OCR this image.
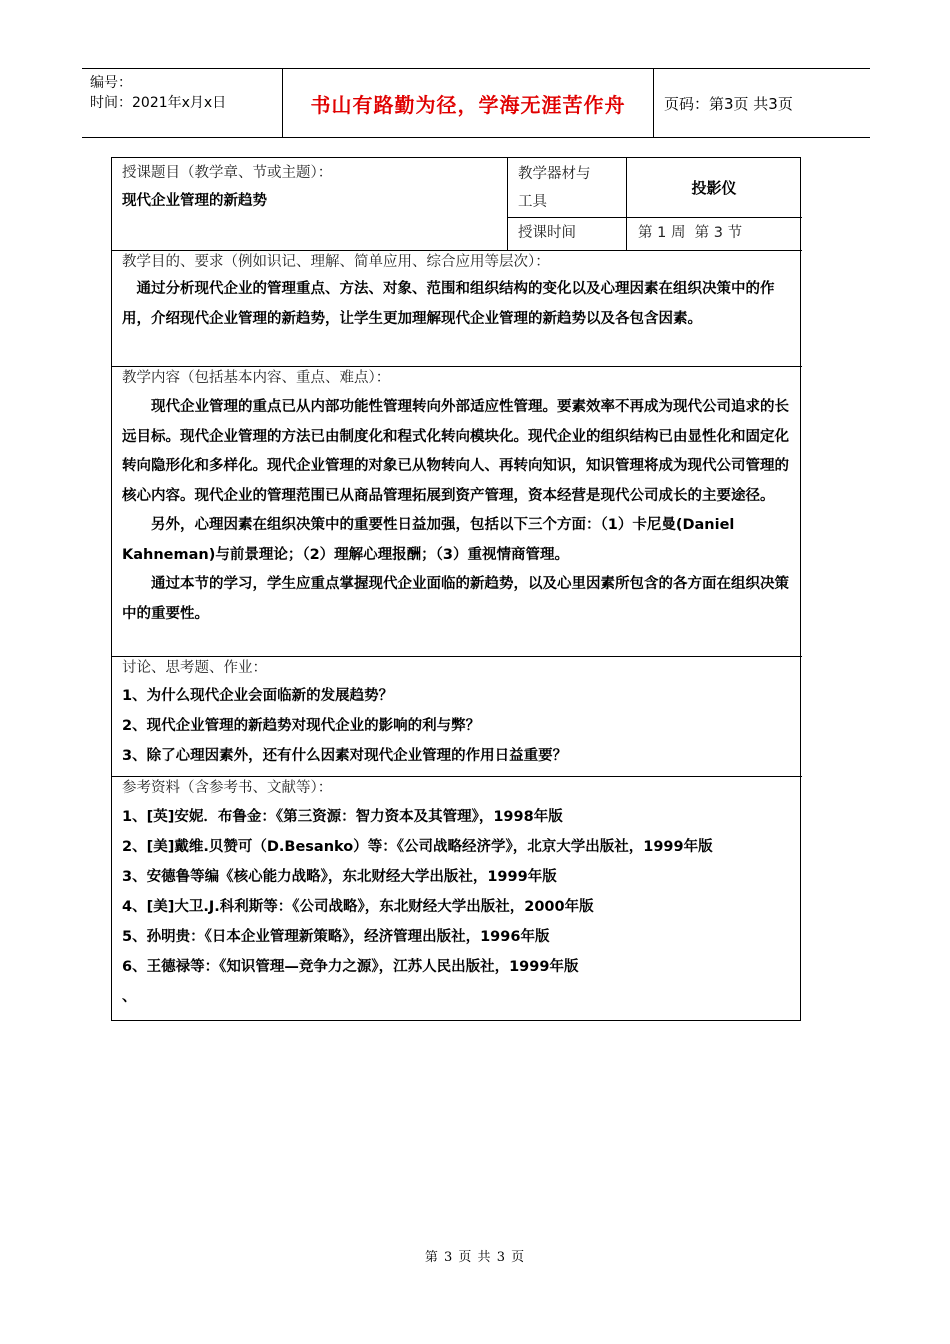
编号：
时间：2021年x月x日	书山有路勤为径，学海无涯苦作舟	页码：第3页 共3页
授课题目（教学章、节或主题）：
现代企业管理的新趋势
教学器材与工具
投影仪
授课时间	第 1 周  第 3 节
教学目的、要求（例如识记、理解、简单应用、综合应用等层次）：
通过分析现代企业的管理重点、方法、对象、范围和组织结构的变化以及心理因素在组织决策中的作用，介绍现代企业管理的新趋势，让学生更加理解现代企业管理的新趋势以及各包含因素。
教学内容（包括基本内容、重点、难点）：
现代企业管理的重点已从内部功能性管理转向外部适应性管理。要素效率不再成为现代公司追求的长远目标。现代企业管理的方法已由制度化和程式化转向模块化。现代企业的组织结构已由显性化和固定化转向隐形化和多样化。现代企业管理的对象已从物转向人、再转向知识，知识管理将成为现代公司管理的核心内容。现代企业的管理范围已从商品管理拓展到资产管理，资本经营是现代公司成长的主要途径。
另外，心理因素在组织决策中的重要性日益加强，包括以下三个方面：（1）卡尼曼(Daniel Kahneman)与前景理论；（2）理解心理报酬；（3）重视情商管理。
通过本节的学习，学生应重点掌握现代企业面临的新趋势，以及心里因素所包含的各方面在组织决策中的重要性。
讨论、思考题、作业：
1、为什么现代企业会面临新的发展趋势？
2、现代企业管理的新趋势对现代企业的影响的利与弊？
3、除了心理因素外，还有什么因素对现代企业管理的作用日益重要？
参考资料（含参考书、文献等）：
1、[英]安妮．布鲁金：《第三资源：智力资本及其管理》，1998年版
2、[美]戴维.贝赞可（D.Besanko）等：《公司战略经济学》，北京大学出版社，1999年版
3、安德鲁等编《核心能力战略》，东北财经大学出版社，1999年版
4、[美]大卫.J.科利斯等：《公司战略》，东北财经大学出版社，2000年版
5、孙明贵：《日本企业管理新策略》，经济管理出版社，1996年版
6、王德禄等：《知识管理—竞争力之源》，江苏人民出版社，1999年版
、
第 3 页 共 3 页
